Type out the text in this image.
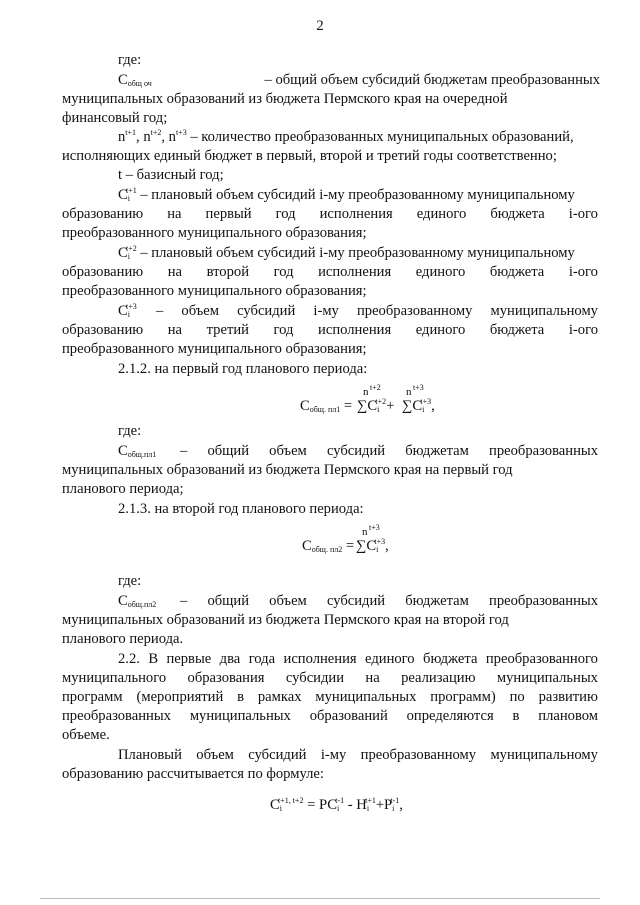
2
где:
$С_{общ оч}$	– общий объем субсидий бюджетам преобразованных
муниципальных образований из бюджета Пермского края на очередной
финансовый год;
$n^{t+1}$, $n^{t+2}$, $n^{t+3}$ – количество преобразованных муниципальных образований,
исполняющих единый бюджет в первый, второй и третий годы соответственно;
t – базисный год;
$С_i^{t+1}$ – плановый объем субсидий i-му преобразованному муниципальному
образованию на первый год исполнения единого бюджета i-ого
преобразованного муниципального образования;
$С_i^{t+2}$ – плановый объем субсидий i-му преобразованному муниципальному
образованию на второй год исполнения единого бюджета i-ого
преобразованного муниципального образования;
$С_i^{t+3}$ – объем субсидий i-му преобразованному муниципальному
образованию на третий год исполнения единого бюджета i-ого
преобразованного муниципального образования;
2.1.2. на первый год планового периода:
$С_{общ. пл1}$ =
n t+2
$\sum С_i^{t+2}+$
n t+3
$\sum С_i^{t+3}$,
где:
$С_{общ.пл1}$ – общий объем субсидий бюджетам преобразованных
муниципальных образований из бюджета Пермского края на первый год
планового периода;
2.1.3. на второй год планового периода:
$С_{общ. пл2}$ =
n t+3
$\sum С_i^{t+3}$,
где:
$С_{общ.пл2}$ – общий объем субсидий бюджетам преобразованных
муниципальных образований из бюджета Пермского края на второй год
планового периода.
2.2. В первые два года исполнения единого бюджета преобразованного
муниципального образования субсидии на реализацию муниципальных
программ (мероприятий в рамках муниципальных программ) по развитию
преобразованных муниципальных образований определяются в плановом
объеме.
Плановый объем субсидий i-му преобразованному муниципальному
образованию рассчитывается по формуле:
$С_i^{t+1, t+2} = РС_i^{t-1} - Н_i^{t+1}+Р_i^{t-1}$,
